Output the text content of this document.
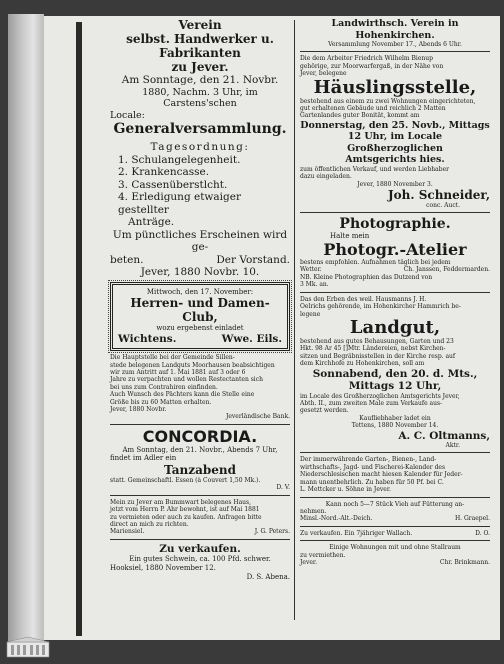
Verein
selbst. Handwerker u. Fabrikanten
zu Jever.
Am Sonntage, den 21. Novbr.
1880, Nachm. 3 Uhr, im Carstens'schen
Locale:
Generalversammlung.
Tagesordnung:
1. Schulangelegenheit.
2. Krankencasse.
3. Cassenüberstlcht.
4. Erledigung etwaiger gestellter
Anträge.
Um pünctliches Erscheinen wird ge-
beten.	Der Vorstand.
Jever, 1880 Novbr. 10.
Mittwoch, den 17. November:
Herren- und Damen-
Club,
wozu ergebenst einladet
Wichtens.	Wwe. Eils.
Die Hauptstelle bei der Gemeinde Sillen-
stede belegenen Landguts Moorhausen beabsichtigen
wir zum Antritt auf 1. Mai 1881 auf 3 oder 6
Jahre zu verpachten und wollen Restectanten sich
bei uns zum Contrahiren einfinden.
Auch Wunsch des Pächters kann die Stelle eine
Größe bis zu 60 Matten erhalten.
Jever, 1880 Novbr.
Jeverländische Bank.
CONCORDIA.
Am Sonntag, den 21. Novbr., Abends 7 Uhr,
findet im Adler ein
Tanzabend
statt. Gemeinschaftl. Essen (à Couvert 1,50 Mk.).
D. V.
Mein zu Jever am Bummwart belegenes Haus,
jetzt vom Herrn P. Ahr bewohnt, ist auf Mai 1881
zu vermieten oder auch zu kaufen. Anfragen bitte
direct an mich zu richten.
Mariensiel.	J. G. Peters.
Zu verkaufen.
Ein gutes Schwein, ca. 100 Pfd. schwer.
Hooksiel, 1880 November 12.
D. S. Abena.
Landwirthsch. Verein in Hohenkirchen.
Versammlung November 17., Abends 6 Uhr.
Die dem Arbeiter Friedrich Wilhelm Bienup
gehörige, zur Moorwarfergaß, in der Nähe von
Jever, belegene
Häuslingsstelle,
bestehend aus einem zu zwei Wohnungen eingerichteten,
gut erhaltenen Gebäude und reichlich 2 Matten
Gartenlandes guter Bonität, kommt am
Donnerstag, den 25. Novb., Mittags
12 Uhr, im Locale Großherzoglichen
Amtsgerichts hies.
zum öffentlichen Verkauf, und werden Liebhaber
dazu eingeladen.
Jever, 1880 November 3.
Joh. Schneider,
conc. Auct.
Photographie.
Halte mein
Photogr.-Atelier
bestens empfohlen. Aufnahmen täglich bei jedem
Wetter.	Ch. Janssen, Feddermarden.
NB. Kleine Photographien das Dutzend von
3 Mk. an.
Das den Erben des weil. Hausmanns J. H.
Oelrichs gehörende, im Hohenkircher Hammrich be-
legene
Landgut,
bestehend aus gutes Behausungen, Garten und 23
Hkt. 98 Ar 45 []Mtr. Ländereien, nebst Kirchen-
sitzen und Begräbnisstellen in der Kirche resp. auf
dem Kirchhofe zu Hohenkirchen, soll am
Sonnabend, den 20. d. Mts.,
Mittags 12 Uhr,
im Locale des Großherzoglichen Amtsgerichts Jever,
Abth. II., zum zweiten Male zum Verkaufe aus-
gesetzt werden.
Kaufliebhaber ladet ein
Tettens, 1880 November 14.
A. C. Oltmanns,
Aktr.
Der immerwährende Garten-, Bienen-, Land-
wirthschafts-, Jagd- und Fischerei-Kalender des
Niederschlesischen macht hiesen Kalender für Jeder-
mann unentbehrlich. Zu haben für 50 Pf. bei C.
L. Mettcker u. Söhne in Jever.
Kann noch 5—7 Stück Vieh auf Fütterung an-
nehmen.
Minsl.-Nord.-Alt.-Deich.	H. Graepel.
Zu verkaufen. Ein 7jähriger Wallach.	D. O.
Einige Wohnungen mit und ohne Stallraum
zu vermiethen.
Jever.	Chr. Brinkmann.
